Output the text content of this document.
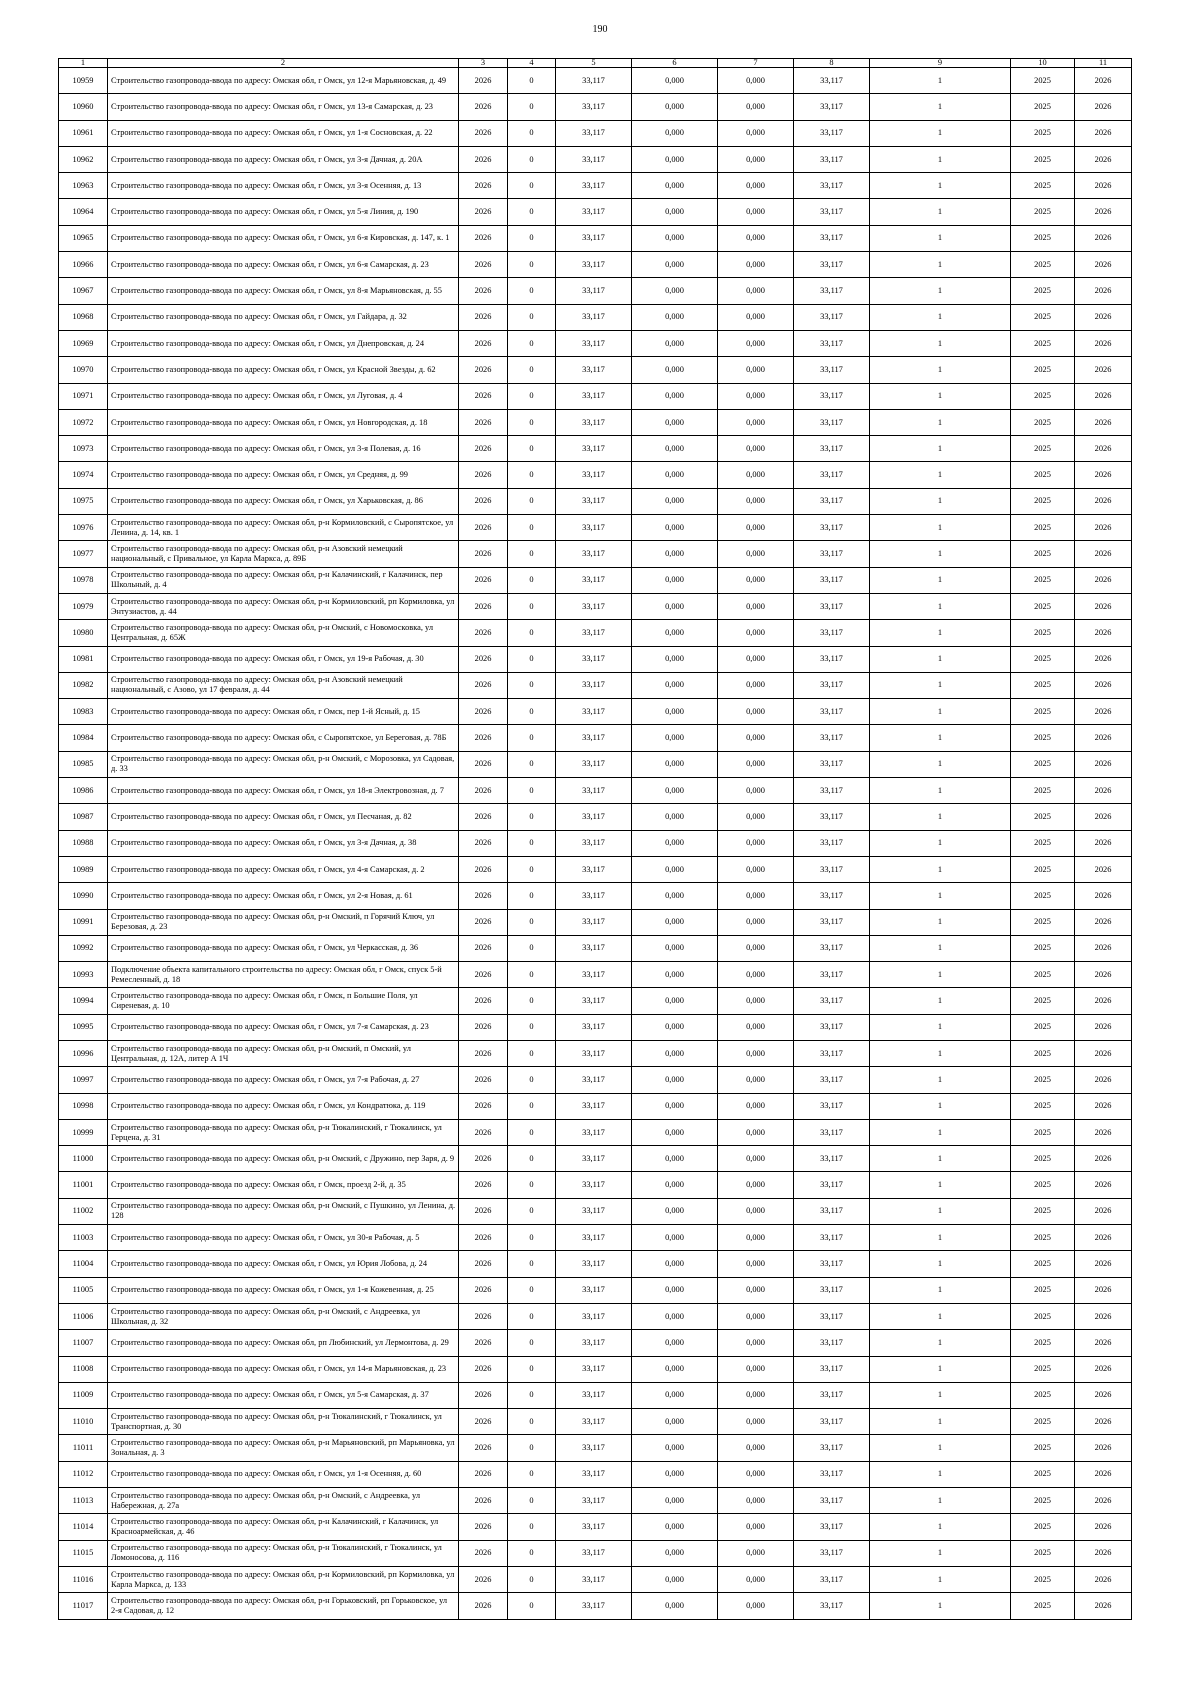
190
1	2	3	4	5	6	7	8	9	10	11
10959	Строительство газопровода-ввода по адресу: Омская обл, г Омск, ул 12-я Марьяновская, д. 49	2026	0	33,117	0,000	0,000	33,117	1	2025	2026
10960	Строительство газопровода-ввода по адресу: Омская обл, г Омск, ул 13-я Самарская, д. 23	2026	0	33,117	0,000	0,000	33,117	1	2025	2026
10961	Строительство газопровода-ввода по адресу: Омская обл, г Омск, ул 1-я Сосновская, д. 22	2026	0	33,117	0,000	0,000	33,117	1	2025	2026
10962	Строительство газопровода-ввода по адресу: Омская обл, г Омск, ул 3-я Дачная, д. 20А	2026	0	33,117	0,000	0,000	33,117	1	2025	2026
10963	Строительство газопровода-ввода по адресу: Омская обл, г Омск, ул 3-я Осенняя, д. 13	2026	0	33,117	0,000	0,000	33,117	1	2025	2026
10964	Строительство газопровода-ввода по адресу: Омская обл, г Омск, ул 5-я Линия, д. 190	2026	0	33,117	0,000	0,000	33,117	1	2025	2026
10965	Строительство газопровода-ввода по адресу: Омская обл, г Омск, ул 6-я Кировская, д. 147, к. 1	2026	0	33,117	0,000	0,000	33,117	1	2025	2026
10966	Строительство газопровода-ввода по адресу: Омская обл, г Омск, ул 6-я Самарская, д. 23	2026	0	33,117	0,000	0,000	33,117	1	2025	2026
10967	Строительство газопровода-ввода по адресу: Омская обл, г Омск, ул 8-я Марьяновская, д. 55	2026	0	33,117	0,000	0,000	33,117	1	2025	2026
10968	Строительство газопровода-ввода по адресу: Омская обл, г Омск, ул Гайдара, д. 32	2026	0	33,117	0,000	0,000	33,117	1	2025	2026
10969	Строительство газопровода-ввода по адресу: Омская обл, г Омск, ул Днепровская, д. 24	2026	0	33,117	0,000	0,000	33,117	1	2025	2026
10970	Строительство газопровода-ввода по адресу: Омская обл, г Омск, ул Красной Звезды, д. 62	2026	0	33,117	0,000	0,000	33,117	1	2025	2026
10971	Строительство газопровода-ввода по адресу: Омская обл, г Омск, ул Луговая, д. 4	2026	0	33,117	0,000	0,000	33,117	1	2025	2026
10972	Строительство газопровода-ввода по адресу: Омская обл, г Омск, ул Новгородская, д. 18	2026	0	33,117	0,000	0,000	33,117	1	2025	2026
10973	Строительство газопровода-ввода по адресу: Омская обл, г Омск, ул 3-я Полевая, д. 16	2026	0	33,117	0,000	0,000	33,117	1	2025	2026
10974	Строительство газопровода-ввода по адресу: Омская обл, г Омск, ул Средняя, д. 99	2026	0	33,117	0,000	0,000	33,117	1	2025	2026
10975	Строительство газопровода-ввода по адресу: Омская обл, г Омск, ул Харьковская, д. 86	2026	0	33,117	0,000	0,000	33,117	1	2025	2026
10976	Строительство газопровода-ввода по адресу: Омская обл, р-н Кормиловский, с Сыропятское, ул Ленина, д. 14, кв. 1	2026	0	33,117	0,000	0,000	33,117	1	2025	2026
10977	Строительство газопровода-ввода по адресу: Омская обл, р-н Азовский немецкий национальный, с Привальное, ул Карла Маркса, д. 89Б	2026	0	33,117	0,000	0,000	33,117	1	2025	2026
10978	Строительство газопровода-ввода по адресу: Омская обл, р-н Калачинский, г Калачинск, пер Школьный, д. 4	2026	0	33,117	0,000	0,000	33,117	1	2025	2026
10979	Строительство газопровода-ввода по адресу: Омская обл, р-н Кормиловский, рп Кормиловка, ул Энтузиастов, д. 44	2026	0	33,117	0,000	0,000	33,117	1	2025	2026
10980	Строительство газопровода-ввода по адресу: Омская обл, р-н Омский, с Новомосковка, ул Центральная, д. 65Ж	2026	0	33,117	0,000	0,000	33,117	1	2025	2026
10981	Строительство газопровода-ввода по адресу: Омская обл, г Омск, ул 19-я Рабочая, д. 30	2026	0	33,117	0,000	0,000	33,117	1	2025	2026
10982	Строительство газопровода-ввода по адресу: Омская обл, р-н Азовский немецкий национальный, с Азово, ул 17 февраля, д. 44	2026	0	33,117	0,000	0,000	33,117	1	2025	2026
10983	Строительство газопровода-ввода по адресу: Омская обл, г Омск, пер 1-й Ясный, д. 15	2026	0	33,117	0,000	0,000	33,117	1	2025	2026
10984	Строительство газопровода-ввода по адресу: Омская обл, с Сыропятское, ул Береговая, д. 78Б	2026	0	33,117	0,000	0,000	33,117	1	2025	2026
10985	Строительство газопровода-ввода по адресу: Омская обл, р-н Омский, с Морозовка, ул Садовая, д. 33	2026	0	33,117	0,000	0,000	33,117	1	2025	2026
10986	Строительство газопровода-ввода по адресу: Омская обл, г Омск, ул 18-я Электровозная, д. 7	2026	0	33,117	0,000	0,000	33,117	1	2025	2026
10987	Строительство газопровода-ввода по адресу: Омская обл, г Омск, ул Песчаная, д. 82	2026	0	33,117	0,000	0,000	33,117	1	2025	2026
10988	Строительство газопровода-ввода по адресу: Омская обл, г Омск, ул 3-я Дачная, д. 38	2026	0	33,117	0,000	0,000	33,117	1	2025	2026
10989	Строительство газопровода-ввода по адресу: Омская обл, г Омск, ул 4-я Самарская, д. 2	2026	0	33,117	0,000	0,000	33,117	1	2025	2026
10990	Строительство газопровода-ввода по адресу: Омская обл, г Омск, ул 2-я Новая, д. 61	2026	0	33,117	0,000	0,000	33,117	1	2025	2026
10991	Строительство газопровода-ввода по адресу: Омская обл, р-н Омский, п Горячий Ключ, ул Березовая, д. 23	2026	0	33,117	0,000	0,000	33,117	1	2025	2026
10992	Строительство газопровода-ввода по адресу: Омская обл, г Омск, ул Черкасская, д. 36	2026	0	33,117	0,000	0,000	33,117	1	2025	2026
10993	Подключение объекта капитального строительства по адресу: Омская обл, г Омск, спуск 5-й Ремесленный, д. 18	2026	0	33,117	0,000	0,000	33,117	1	2025	2026
10994	Строительство газопровода-ввода по адресу: Омская обл, г Омск, п Большие Поля, ул Сиреневая, д. 10	2026	0	33,117	0,000	0,000	33,117	1	2025	2026
10995	Строительство газопровода-ввода по адресу: Омская обл, г Омск, ул 7-я Самарская, д. 23	2026	0	33,117	0,000	0,000	33,117	1	2025	2026
10996	Строительство газопровода-ввода по адресу: Омская обл, р-н Омский, п Омский, ул Центральная, д. 12А, литер А 1Ч	2026	0	33,117	0,000	0,000	33,117	1	2025	2026
10997	Строительство газопровода-ввода по адресу: Омская обл, г Омск, ул 7-я Рабочая, д. 27	2026	0	33,117	0,000	0,000	33,117	1	2025	2026
10998	Строительство газопровода-ввода по адресу: Омская обл, г Омск, ул Кондратюка, д. 119	2026	0	33,117	0,000	0,000	33,117	1	2025	2026
10999	Строительство газопровода-ввода по адресу: Омская обл, р-н Тюкалинский, г Тюкалинск, ул Герцена, д. 31	2026	0	33,117	0,000	0,000	33,117	1	2025	2026
11000	Строительство газопровода-ввода по адресу: Омская обл, р-н Омский, с Дружино, пер Заря, д. 9	2026	0	33,117	0,000	0,000	33,117	1	2025	2026
11001	Строительство газопровода-ввода по адресу: Омская обл, г Омск, проезд 2-й, д. 35	2026	0	33,117	0,000	0,000	33,117	1	2025	2026
11002	Строительство газопровода-ввода по адресу: Омская обл, р-н Омский, с Пушкино, ул Ленина, д. 128	2026	0	33,117	0,000	0,000	33,117	1	2025	2026
11003	Строительство газопровода-ввода по адресу: Омская обл, г Омск, ул 30-я Рабочая, д. 5	2026	0	33,117	0,000	0,000	33,117	1	2025	2026
11004	Строительство газопровода-ввода по адресу: Омская обл, г Омск, ул Юрия Лобова, д. 24	2026	0	33,117	0,000	0,000	33,117	1	2025	2026
11005	Строительство газопровода-ввода по адресу: Омская обл, г Омск, ул 1-я Кожевенная, д. 25	2026	0	33,117	0,000	0,000	33,117	1	2025	2026
11006	Строительство газопровода-ввода по адресу: Омская обл, р-н Омский, с Андреевка, ул Школьная, д. 32	2026	0	33,117	0,000	0,000	33,117	1	2025	2026
11007	Строительство газопровода-ввода по адресу: Омская обл, рп Любинский, ул Лермонтова, д. 29	2026	0	33,117	0,000	0,000	33,117	1	2025	2026
11008	Строительство газопровода-ввода по адресу: Омская обл, г Омск, ул 14-я Марьяновская, д. 23	2026	0	33,117	0,000	0,000	33,117	1	2025	2026
11009	Строительство газопровода-ввода по адресу: Омская обл, г Омск, ул 5-я Самарская, д. 37	2026	0	33,117	0,000	0,000	33,117	1	2025	2026
11010	Строительство газопровода-ввода по адресу: Омская обл, р-н Тюкалинский, г Тюкалинск, ул Транспортная, д. 30	2026	0	33,117	0,000	0,000	33,117	1	2025	2026
11011	Строительство газопровода-ввода по адресу: Омская обл, р-н Марьяновский, рп Марьяновка, ул Зональная, д. 3	2026	0	33,117	0,000	0,000	33,117	1	2025	2026
11012	Строительство газопровода-ввода по адресу: Омская обл, г Омск, ул 1-я Осенняя, д. 60	2026	0	33,117	0,000	0,000	33,117	1	2025	2026
11013	Строительство газопровода-ввода по адресу: Омская обл, р-н Омский, с Андреевка, ул Набережная, д. 27а	2026	0	33,117	0,000	0,000	33,117	1	2025	2026
11014	Строительство газопровода-ввода по адресу: Омская обл, р-н Калачинский, г Калачинск, ул Красноармейская, д. 46	2026	0	33,117	0,000	0,000	33,117	1	2025	2026
11015	Строительство газопровода-ввода по адресу: Омская обл, р-н Тюкалинский, г Тюкалинск, ул Ломоносова, д. 116	2026	0	33,117	0,000	0,000	33,117	1	2025	2026
11016	Строительство газопровода-ввода по адресу: Омская обл, р-н Кормиловский, рп Кормиловка, ул Карла Маркса, д. 133	2026	0	33,117	0,000	0,000	33,117	1	2025	2026
11017	Строительство газопровода-ввода по адресу: Омская обл, р-н Горьковский, рп Горьковское, ул 2-я Садовая, д. 12	2026	0	33,117	0,000	0,000	33,117	1	2025	2026
